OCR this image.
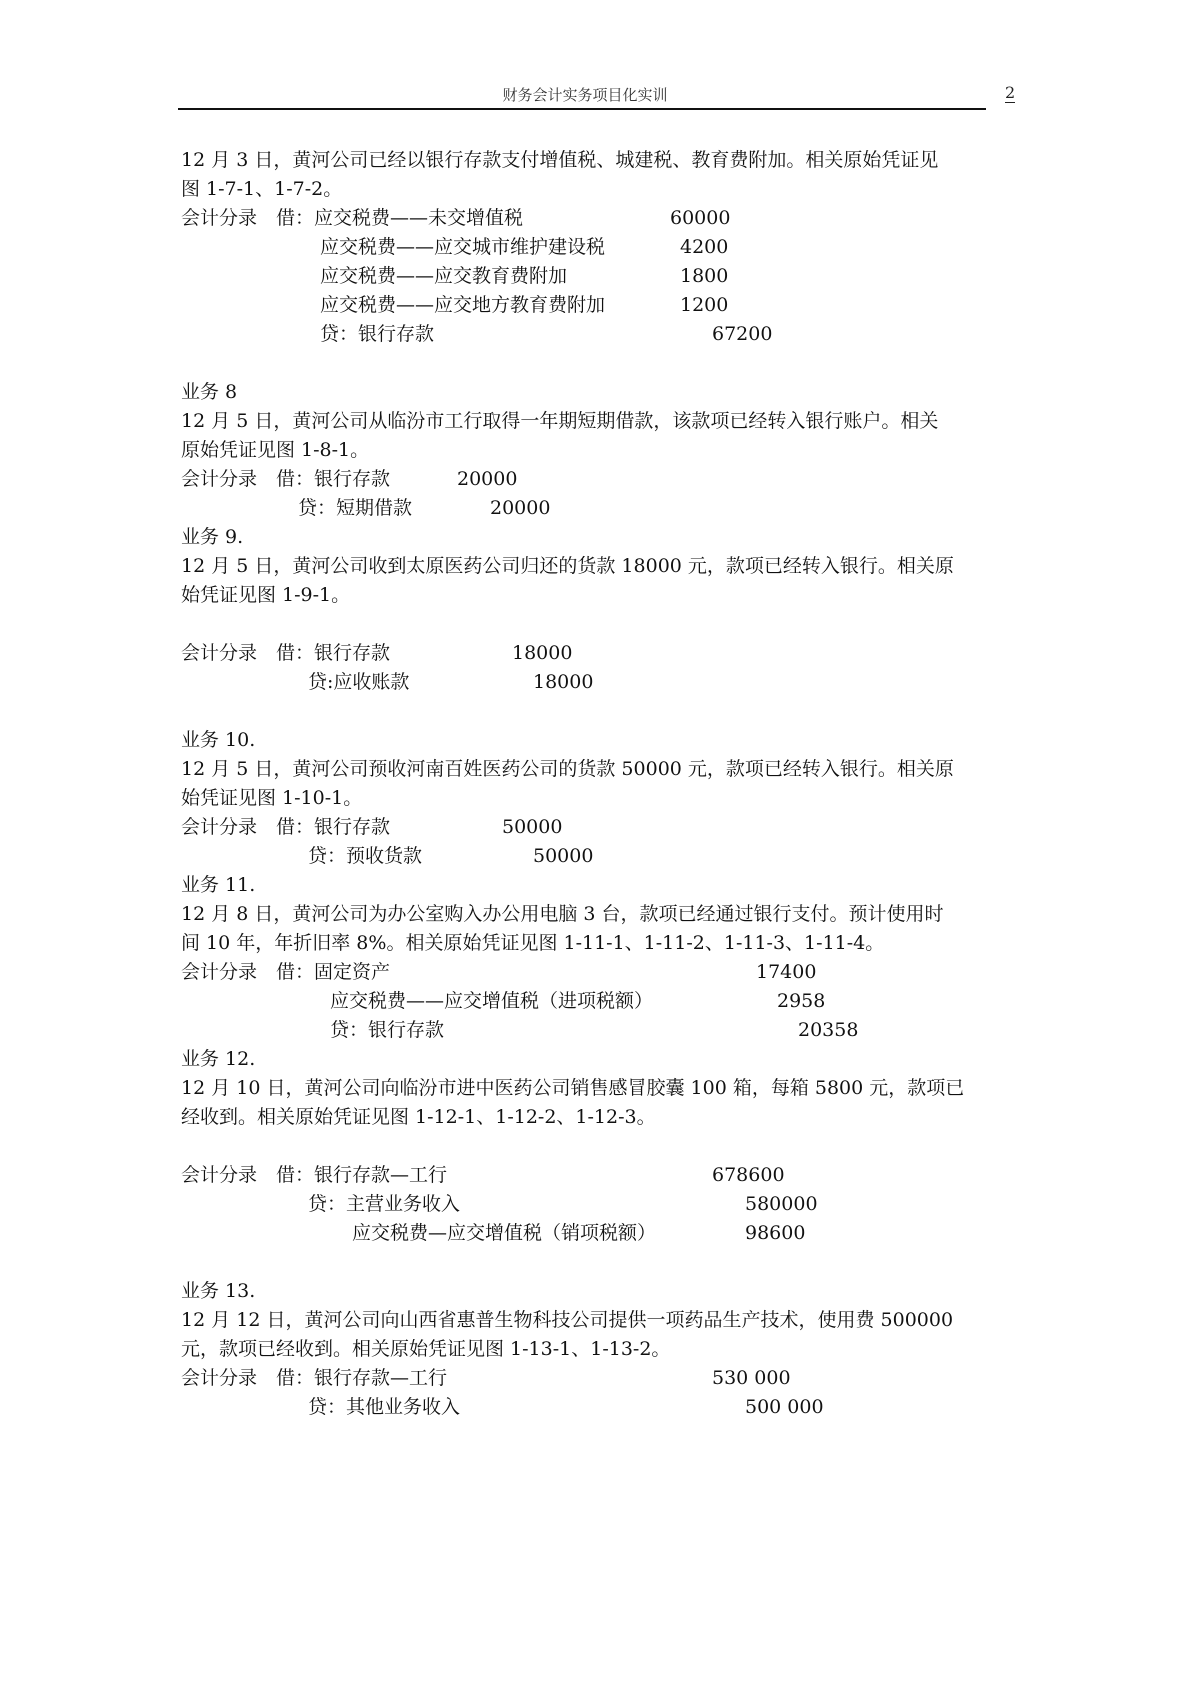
财务会计实务项目化实训	2
12 月 3 日，黄河公司已经以银行存款支付增值税、城建税、教育费附加。相关原始凭证见
图 1-7-1、1-7-2。
会计分录 借：应交税费——未交增值税	60000
应交税费——应交城市维护建设税	4200
应交税费——应交教育费附加	1800
应交税费——应交地方教育费附加	1200
贷：银行存款	67200
业务 8
12 月 5 日，黄河公司从临汾市工行取得一年期短期借款，该款项已经转入银行账户。相关
原始凭证见图 1-8-1。
会计分录 借：银行存款	20000
贷：短期借款	20000
业务 9.
12 月 5 日，黄河公司收到太原医药公司归还的货款 18000 元，款项已经转入银行。相关原
始凭证见图 1-9-1。
会计分录 借：银行存款	18000
贷:应收账款	18000
业务 10.
12 月 5 日，黄河公司预收河南百姓医药公司的货款 50000 元，款项已经转入银行。相关原
始凭证见图 1-10-1。
会计分录 借：银行存款	50000
贷：预收货款	50000
业务 11.
12 月 8 日，黄河公司为办公室购入办公用电脑 3 台，款项已经通过银行支付。预计使用时
间 10 年，年折旧率 8%。相关原始凭证见图 1-11-1、1-11-2、1-11-3、1-11-4。
会计分录 借：固定资产	17400
应交税费——应交增值税（进项税额）	2958
贷：银行存款	20358
业务 12.
12 月 10 日，黄河公司向临汾市进中医药公司销售感冒胶囊 100 箱，每箱 5800 元，款项已
经收到。相关原始凭证见图 1-12-1、1-12-2、1-12-3。
会计分录 借：银行存款—工行	678600
贷：主营业务收入	580000
应交税费—应交增值税（销项税额）	98600
业务 13.
12 月 12 日，黄河公司向山西省惠普生物科技公司提供一项药品生产技术，使用费 500000
元，款项已经收到。相关原始凭证见图 1-13-1、1-13-2。
会计分录 借：银行存款—工行	530 000
贷：其他业务收入	500 000
